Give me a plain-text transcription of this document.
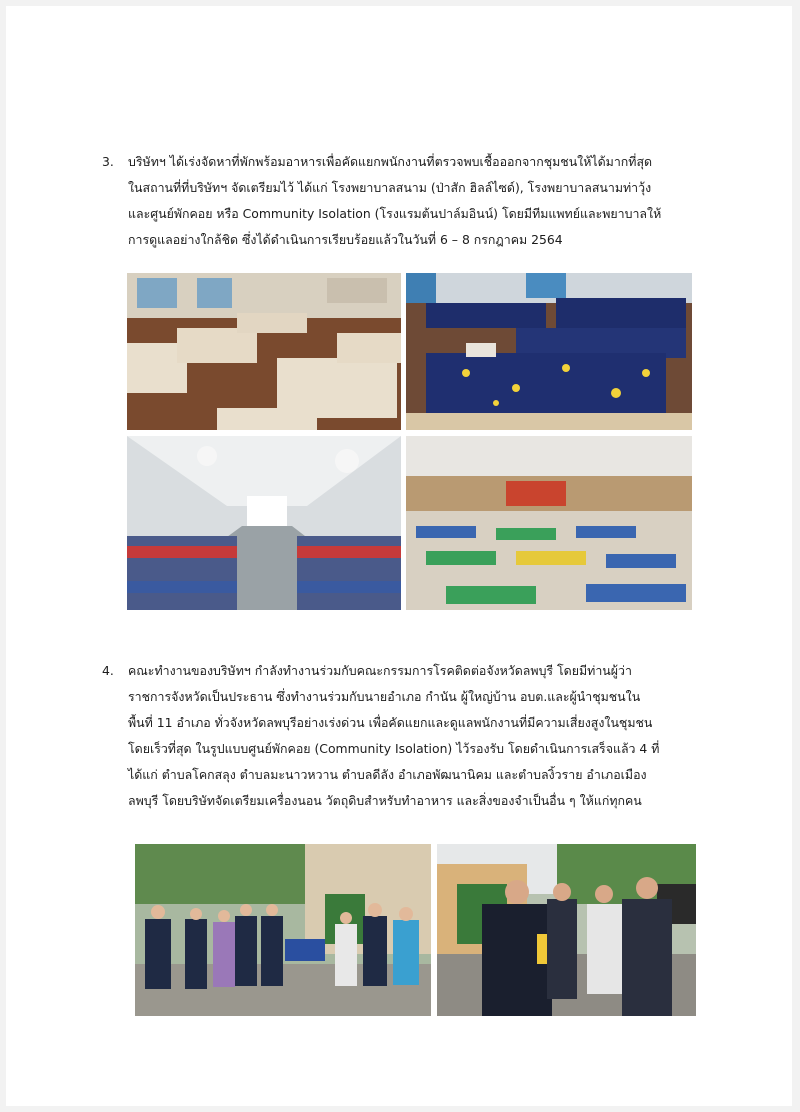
3. บริษัทฯ ได้เร่งจัดหาที่พักพร้อมอาหารเพื่อคัดแยกพนักงานที่ตรวจพบเชื้อออกจากชุมชนให้ได้มากที่สุด
ในสถานที่ที่บริษัทฯ จัดเตรียมไว้ ได้แก่ โรงพยาบาลสนาม (ป่าสัก ฮิลล์ไซด์), โรงพยาบาลสนามท่าวุ้ง
และศูนย์พักคอย หรือ Community Isolation (โรงแรมต้นปาล์มอินน์) โดยมีทีมแพทย์และพยาบาลให้
การดูแลอย่างใกล้ชิด ซึ่งได้ดำเนินการเรียบร้อยแล้วในวันที่ 6 – 8 กรกฎาคม 2564
4. คณะทำงานของบริษัทฯ กำลังทำงานร่วมกับคณะกรรมการโรคติดต่อจังหวัดลพบุรี โดยมีท่านผู้ว่า
ราชการจังหวัดเป็นประธาน ซึ่งทำงานร่วมกับนายอำเภอ กำนัน ผู้ใหญ่บ้าน อบต.และผู้นำชุมชนใน
พื้นที่ 11 อำเภอ ทั่วจังหวัดลพบุรีอย่างเร่งด่วน เพื่อคัดแยกและดูแลพนักงานที่มีความเสี่ยงสูงในชุมชน
โดยเร็วที่สุด ในรูปแบบศูนย์พักคอย (Community Isolation) ไว้รองรับ โดยดำเนินการเสร็จแล้ว 4 ที่
ได้แก่ ตำบลโคกสลุง ตำบลมะนาวหวาน ตำบลดีลัง อำเภอพัฒนานิคม และตำบลงิ้วราย อำเภอเมือง
ลพบุรี โดยบริษัทจัดเตรียมเครื่องนอน วัตถุดิบสำหรับทำอาหาร และสิ่งของจำเป็นอื่น ๆ ให้แก่ทุกคน
